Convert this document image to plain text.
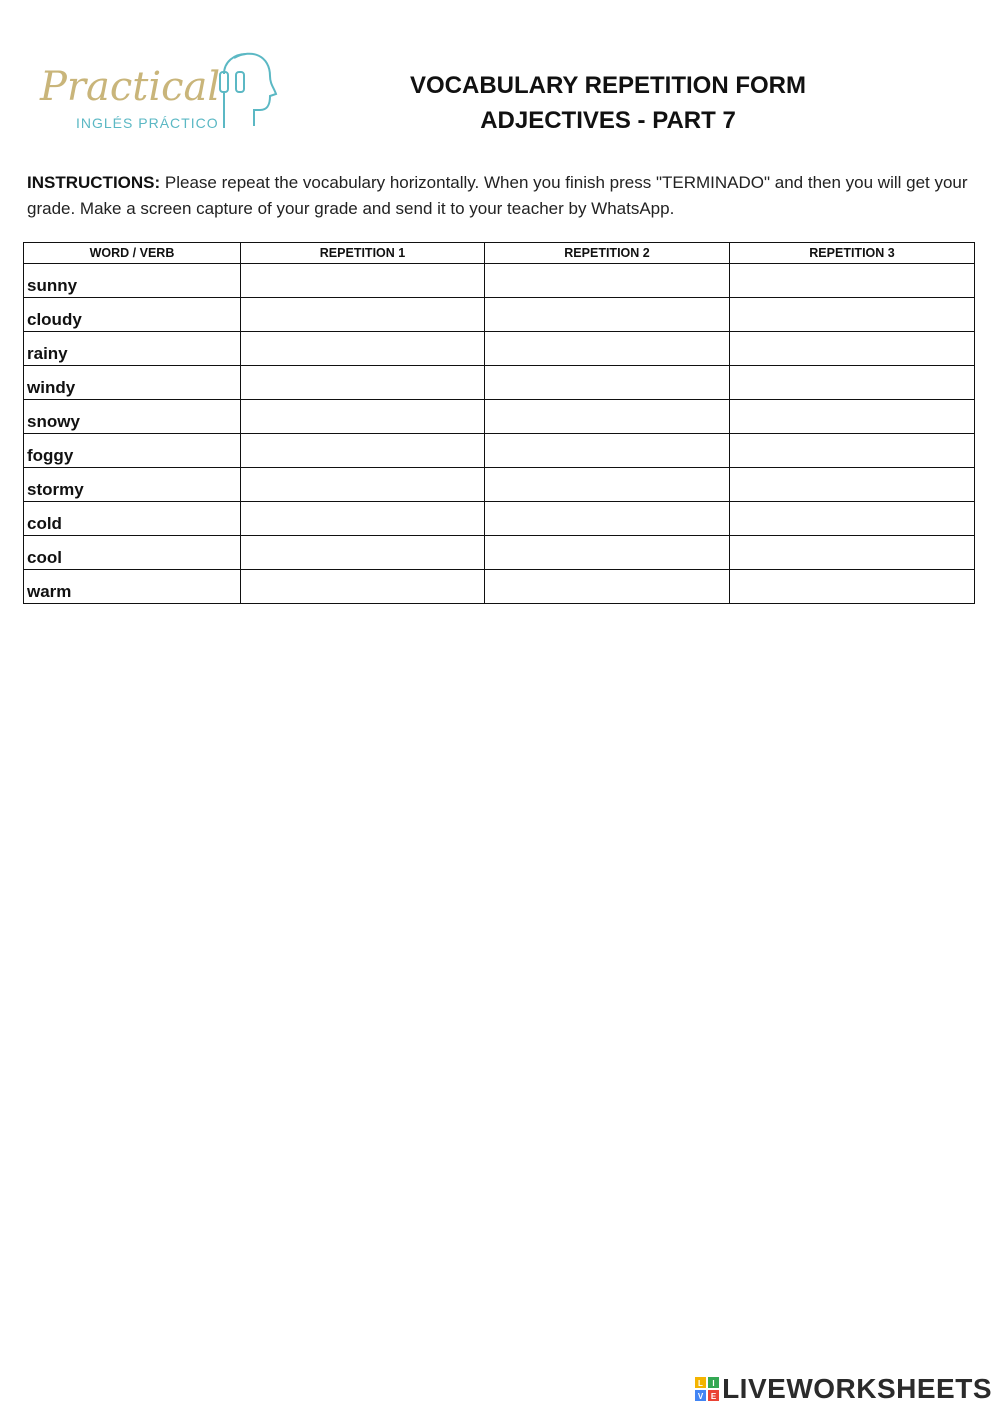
Practical
INGLÉS PRÁCTICO
VOCABULARY REPETITION FORM
ADJECTIVES - PART 7
INSTRUCTIONS: Please repeat the vocabulary horizontally. When you finish press "TERMINADO" and then you will get your grade. Make a screen capture of your grade and send it to your teacher by WhatsApp.
WORD / VERB	REPETITION 1	REPETITION 2	REPETITION 3
sunny			
cloudy			
rainy			
windy			
snowy			
foggy			
stormy			
cold			
cool			
warm			
L I
V E LIVEWORKSHEETS
